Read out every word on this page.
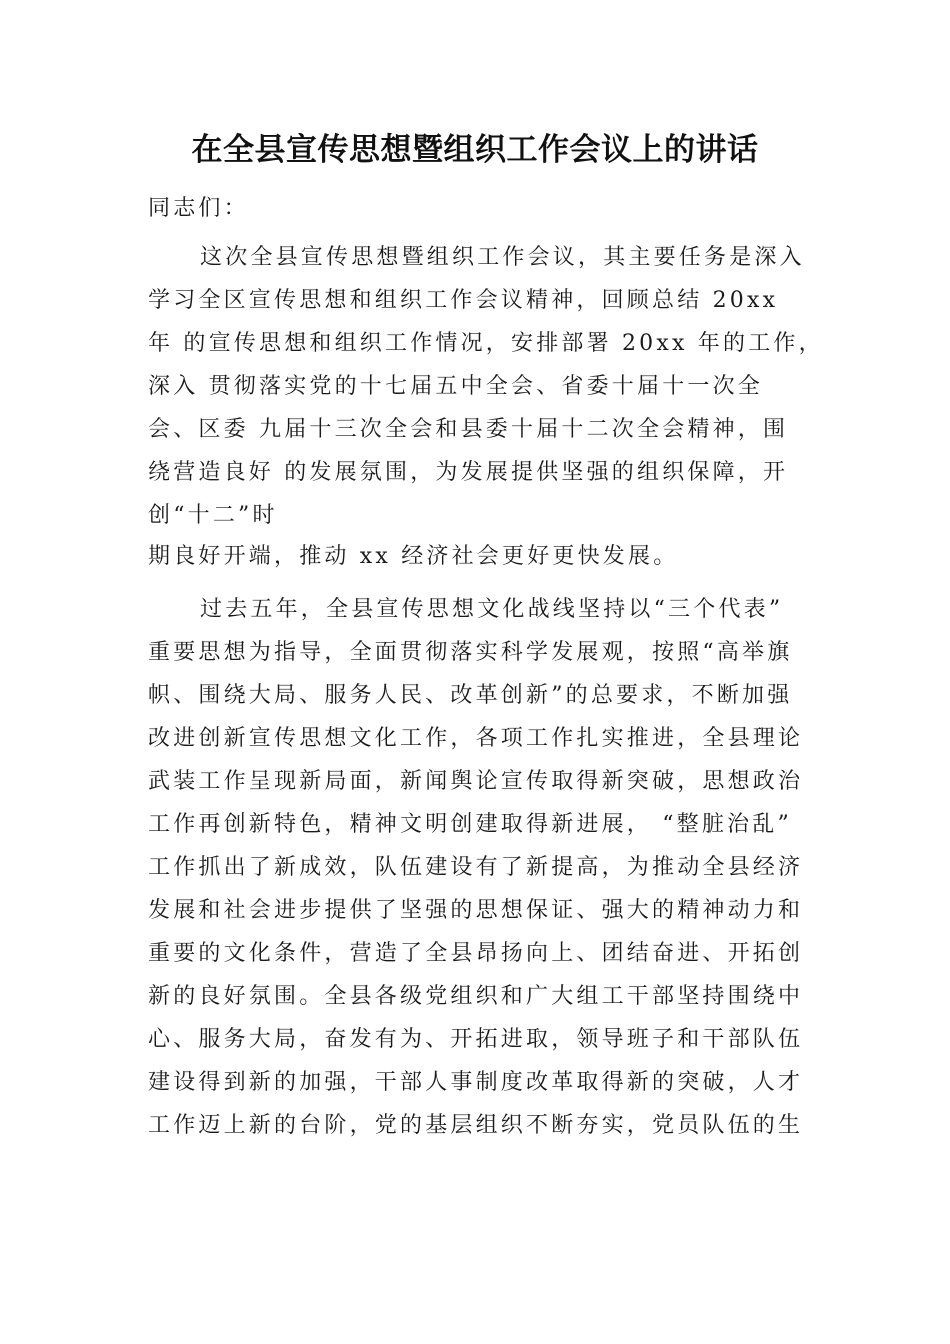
在全县宣传思想暨组织工作会议上的讲话

同志们：

这次全县宣传思想暨组织工作会议，其主要任务是深入

学习全区宣传思想和组织工作会议精神，回顾总结 20xx

年 的宣传思想和组织工作情况，安排部署 20xx 年的工作，

深入 贯彻落实党的十七届五中全会、省委十届十一次全

会、区委 九届十三次全会和县委十届十二次全会精神，围

绕营造良好 的发展氛围，为发展提供坚强的组织保障，开

创“十二”时

期良好开端，推动 xx 经济社会更好更快发展。

过去五年，全县宣传思想文化战线坚持以“三个代表”

重要思想为指导，全面贯彻落实科学发展观，按照“高举旗

帜、围绕大局、服务人民、改革创新”的总要求，不断加强

改进创新宣传思想文化工作，各项工作扎实推进，全县理论

武装工作呈现新局面，新闻舆论宣传取得新突破，思想政治

工作再创新特色，精神文明创建取得新进展， “整脏治乱”

工作抓出了新成效，队伍建设有了新提高，为推动全县经济

发展和社会进步提供了坚强的思想保证、强大的精神动力和

重要的文化条件，营造了全县昂扬向上、团结奋进、开拓创

新的良好氛围。全县各级党组织和广大组工干部坚持围绕中

心、服务大局，奋发有为、开拓进取，领导班子和干部队伍

建设得到新的加强，干部人事制度改革取得新的突破，人才

工作迈上新的台阶，党的基层组织不断夯实，党员队伍的生
